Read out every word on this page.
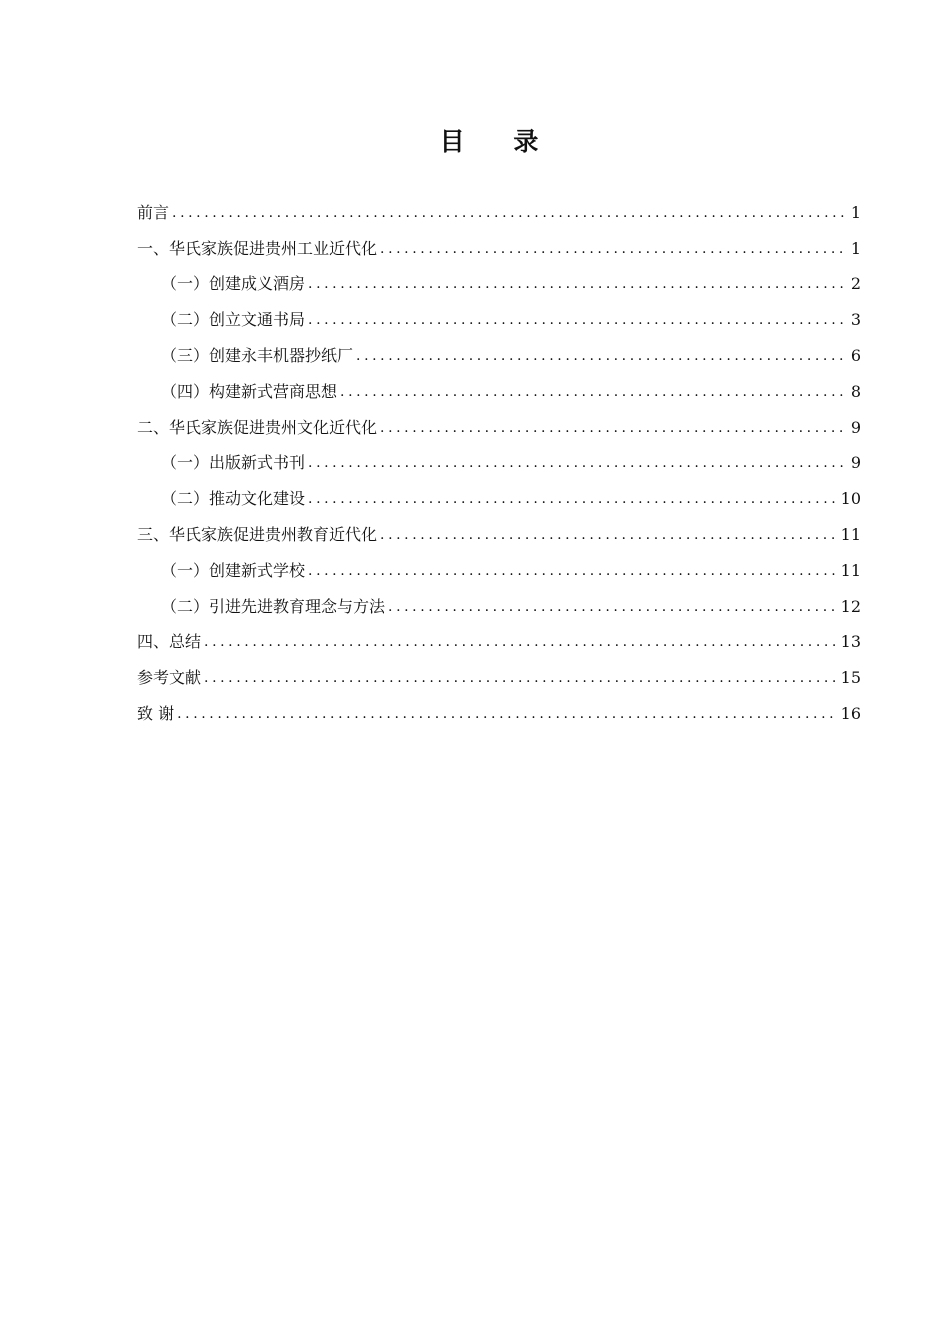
目 录
前言 .....	1
一、华氏家族促进贵州工业近代化 .....	1
（一）创建成义酒房 .....	2
（二）创立文通书局 .....	3
（三）创建永丰机器抄纸厂 .....	6
（四）构建新式营商思想 .....	8
二、华氏家族促进贵州文化近代化 .....	9
（一）出版新式书刊 .....	9
（二）推动文化建设 .....	10
三、华氏家族促进贵州教育近代化 .....	11
（一）创建新式学校 .....	11
（二）引进先进教育理念与方法 .....	12
四、总结 .....	13
参考文献 .....	15
致 谢 .....	16
